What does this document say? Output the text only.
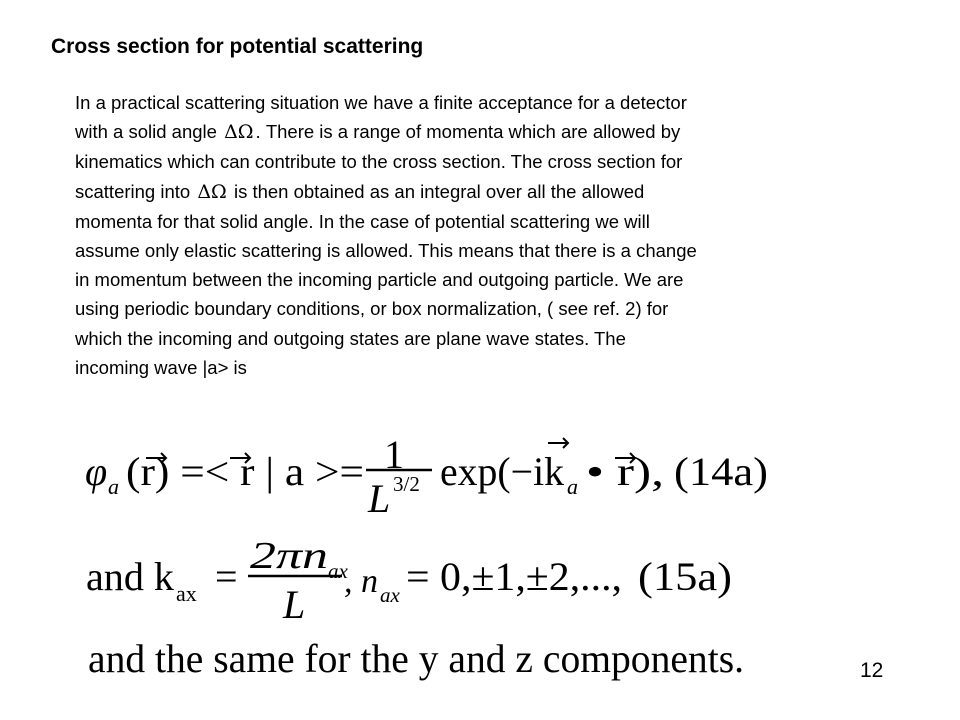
Cross section for potential scattering
In a practical scattering situation we have a finite acceptance for a detector
with a solid angle ΔΩ . There is a range of momenta which are allowed by
kinematics which can contribute to the cross section. The cross section for
scattering into ΔΩ is then obtained as an integral over all the allowed
momenta for that solid angle. In the case of potential scattering we will
assume only elastic scattering is allowed. This means that there is a change
in momentum between the incoming particle and outgoing particle. We are
using periodic boundary conditions, or box normalization, ( see ref. 2) for
which the incoming and outgoing states are plane wave states. The
incoming wave |a> is
φ a (r) =< r | a >= 1
L 3/2 exp(−ik a • r), (14a)
and k ax = 2πn ax
L
, n ax = 0,±1,±2,..., (15a)
and the same for the y and z components.	12
